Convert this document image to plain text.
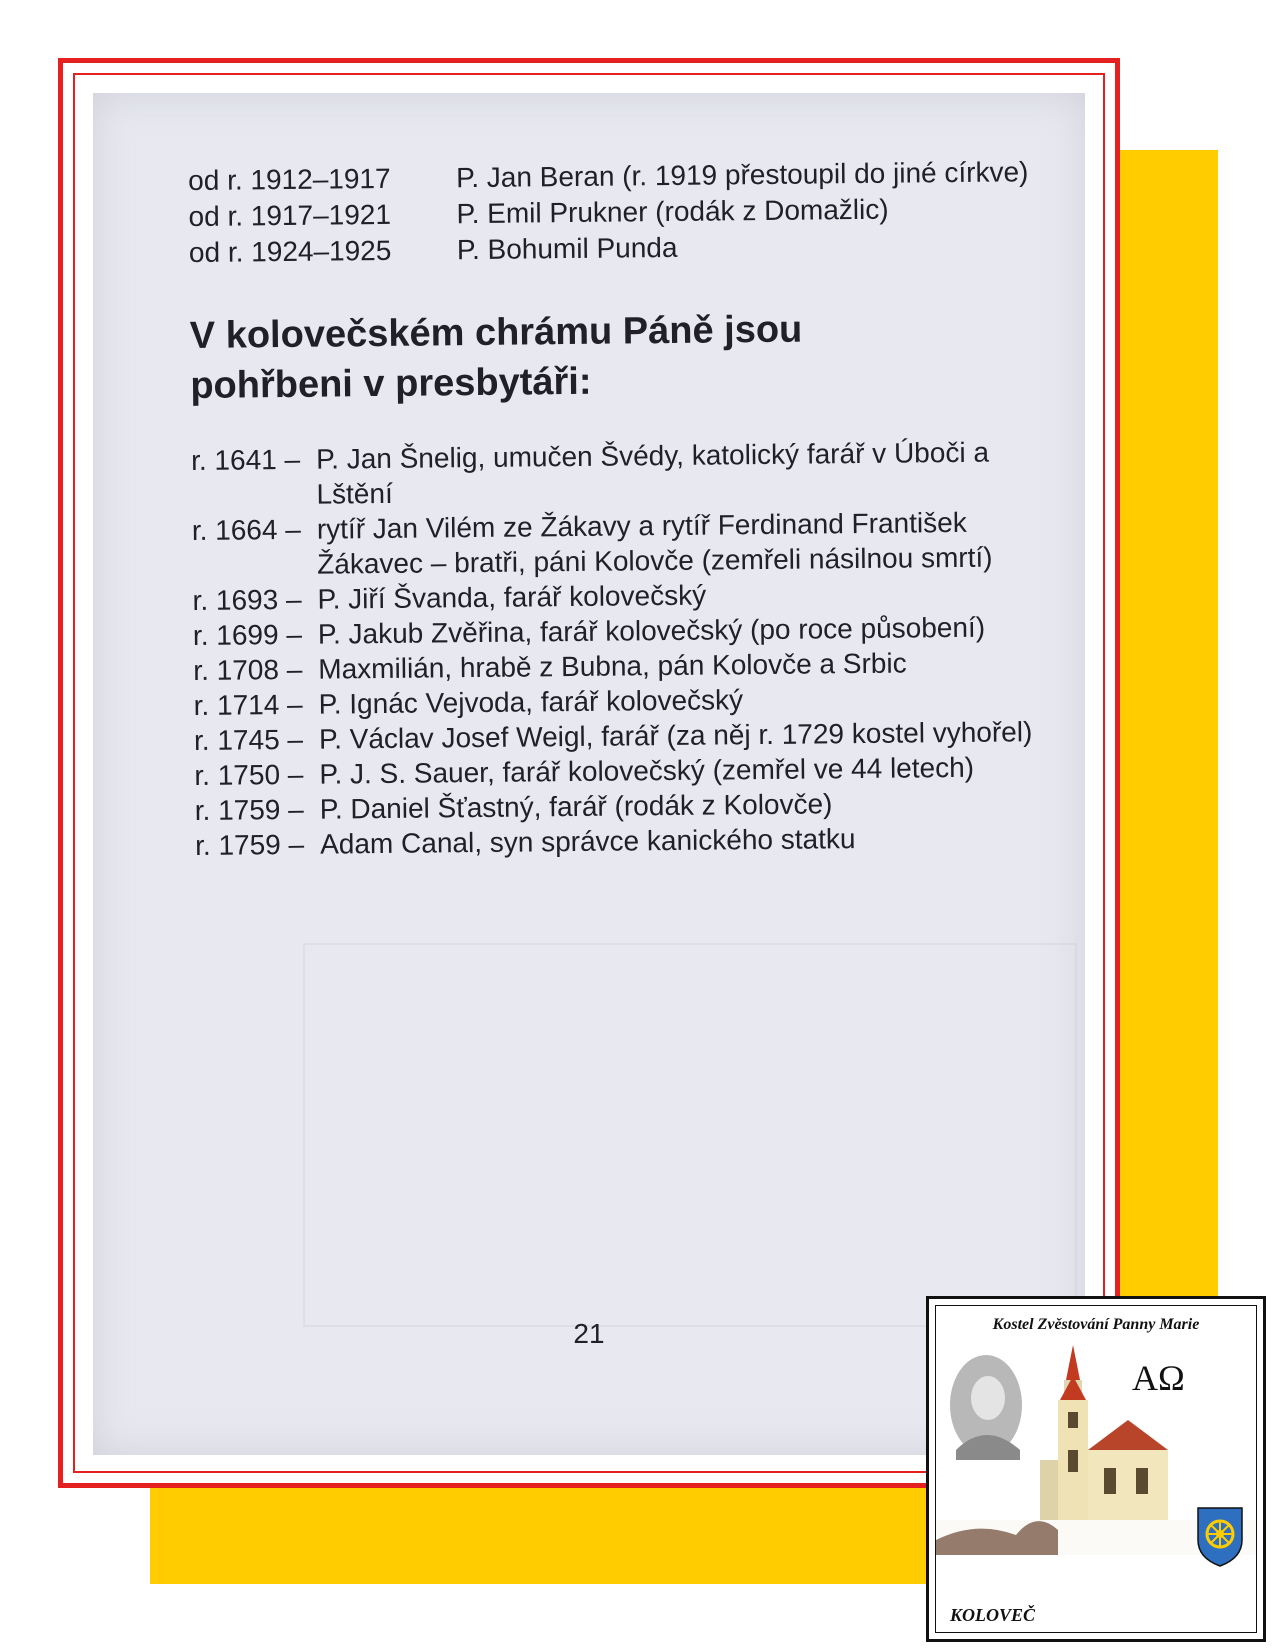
od r. 1912–1917	P. Jan Beran (r. 1919 přestoupil do jiné církve)
od r. 1917–1921	P. Emil Prukner (rodák z Domažlic)
od r. 1924–1925	P. Bohumil Punda
V kolovečském chrámu Páně jsou pohřbeni v presbytáři:
r. 1641 – P. Jan Šnelig, umučen Švédy, katolický farář v Úboči a Lštění
r. 1664 – rytíř Jan Vilém ze Žákavy a rytíř Ferdinand František Žákavec – bratři, páni Kolovče (zemřeli násilnou smrtí)
r. 1693 – P. Jiří Švanda, farář kolovečský
r. 1699 – P. Jakub Zvěřina, farář kolovečský (po roce působení)
r. 1708 – Maxmilián, hrabě z Bubna, pán Kolovče a Srbic
r. 1714 – P. Ignác Vejvoda, farář kolovečský
r. 1745 – P. Václav Josef Weigl, farář (za něj r. 1729 kostel vyhořel)
r. 1750 – P. J. S. Sauer, farář kolovečský (zemřel ve 44 letech)
r. 1759 – P. Daniel Šťastný, farář (rodák z Kolovče)
r. 1759 – Adam Canal, syn správce kanického statku
21	Kostel Zvěstování Panny Marie
AΩ
KOLOVEČ
